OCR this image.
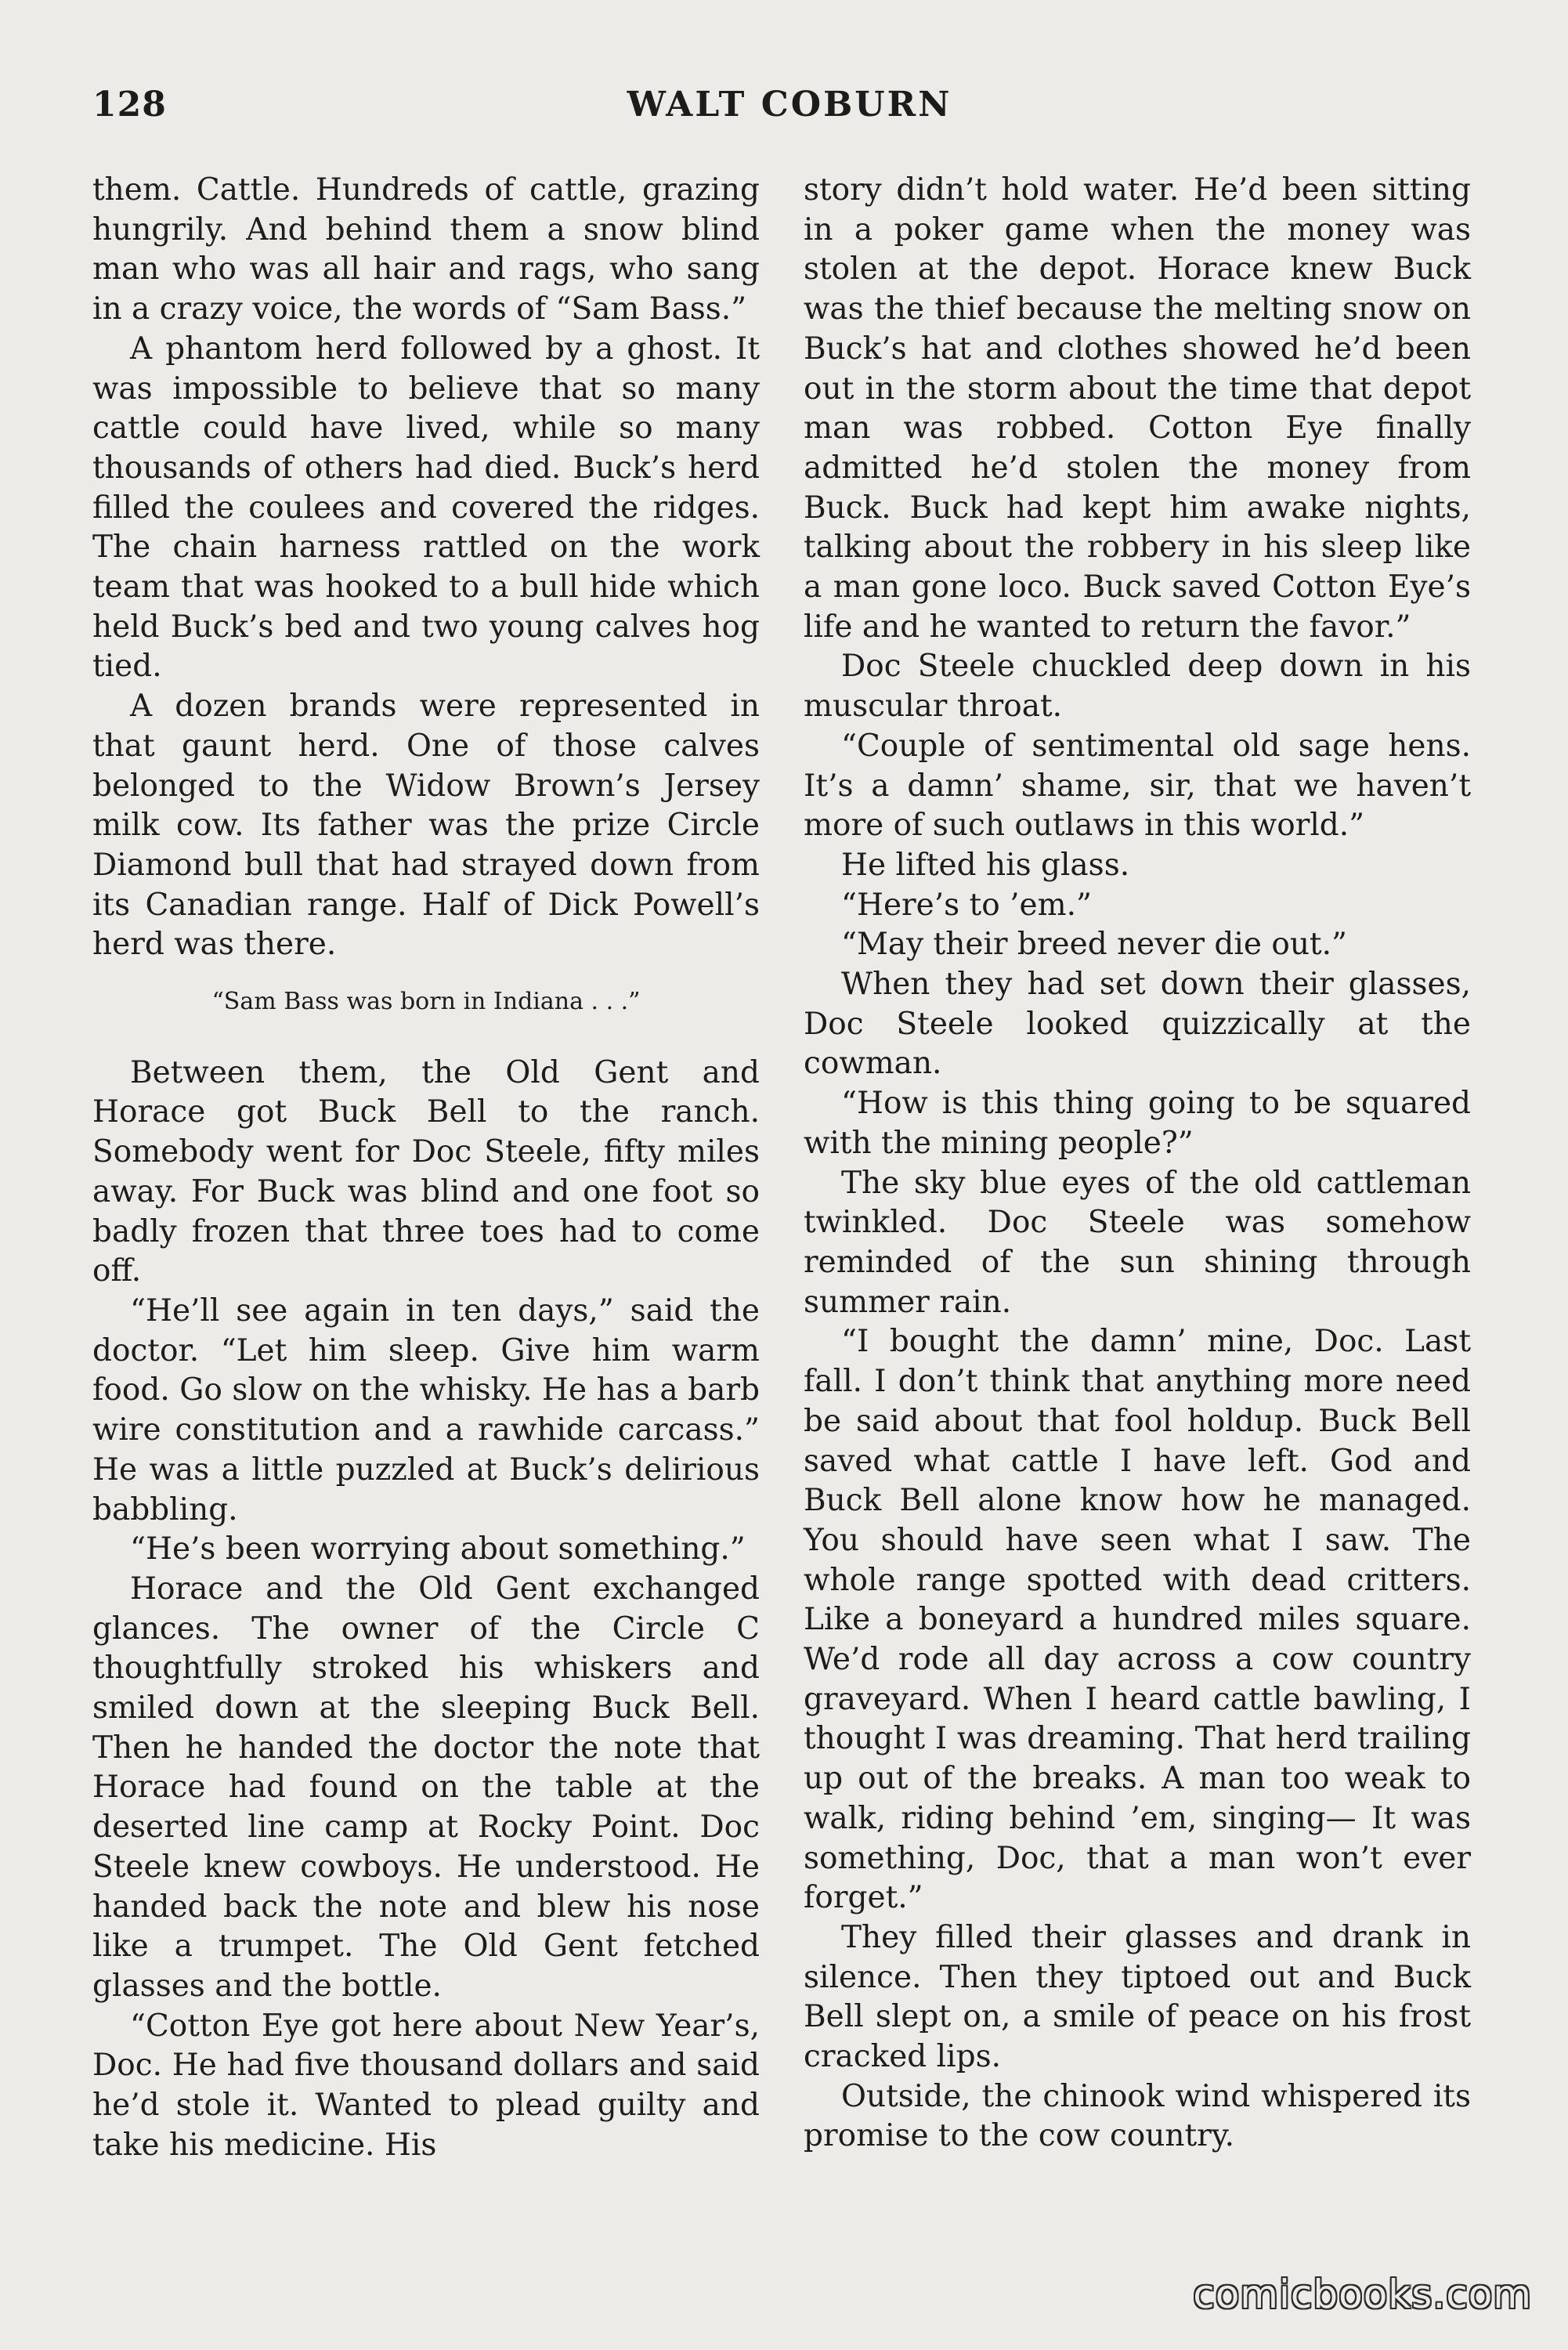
128	WALT COBURN

them. Cattle. Hundreds of cattle, grazing hungrily. And behind them a snow blind man who was all hair and rags, who sang in a crazy voice, the words of “Sam Bass.”

A phantom herd followed by a ghost. It was impossible to believe that so many cattle could have lived, while so many thousands of others had died. Buck’s herd filled the coulees and covered the ridges. The chain harness rattled on the work team that was hooked to a bull hide which held Buck’s bed and two young calves hog tied.

A dozen brands were represented in that gaunt herd. One of those calves belonged to the Widow Brown’s Jersey milk cow. Its father was the prize Circle Diamond bull that had strayed down from its Canadian range. Half of Dick Powell’s herd was there.

“Sam Bass was born in Indiana . . .”

Between them, the Old Gent and Horace got Buck Bell to the ranch. Somebody went for Doc Steele, fifty miles away. For Buck was blind and one foot so badly frozen that three toes had to come off.

“He’ll see again in ten days,” said the doctor. “Let him sleep. Give him warm food. Go slow on the whisky. He has a barb wire constitution and a rawhide carcass.” He was a little puzzled at Buck’s delirious babbling.

“He’s been worrying about something.”

Horace and the Old Gent exchanged glances. The owner of the Circle C thoughtfully stroked his whiskers and smiled down at the sleeping Buck Bell. Then he handed the doctor the note that Horace had found on the table at the deserted line camp at Rocky Point. Doc Steele knew cowboys. He understood. He handed back the note and blew his nose like a trumpet. The Old Gent fetched glasses and the bottle.

“Cotton Eye got here about New Year’s, Doc. He had five thousand dollars and said he’d stole it. Wanted to plead guilty and take his medicine. His

story didn’t hold water. He’d been sitting in a poker game when the money was stolen at the depot. Horace knew Buck was the thief because the melting snow on Buck’s hat and clothes showed he’d been out in the storm about the time that depot man was robbed. Cotton Eye finally admitted he’d stolen the money from Buck. Buck had kept him awake nights, talking about the robbery in his sleep like a man gone loco. Buck saved Cotton Eye’s life and he wanted to return the favor.”

Doc Steele chuckled deep down in his muscular throat.

“Couple of sentimental old sage hens. It’s a damn’ shame, sir, that we haven’t more of such outlaws in this world.”

He lifted his glass.

“Here’s to ’em.”

“May their breed never die out.”

When they had set down their glasses, Doc Steele looked quizzically at the cowman.

“How is this thing going to be squared with the mining people?”

The sky blue eyes of the old cattleman twinkled. Doc Steele was somehow reminded of the sun shining through summer rain.

“I bought the damn’ mine, Doc. Last fall. I don’t think that anything more need be said about that fool holdup. Buck Bell saved what cattle I have left. God and Buck Bell alone know how he managed. You should have seen what I saw. The whole range spotted with dead critters. Like a boneyard a hundred miles square. We’d rode all day across a cow country graveyard. When I heard cattle bawling, I thought I was dreaming. That herd trailing up out of the breaks. A man too weak to walk, riding behind ’em, singing— It was something, Doc, that a man won’t ever forget.”

They filled their glasses and drank in silence. Then they tiptoed out and Buck Bell slept on, a smile of peace on his frost cracked lips.

Outside, the chinook wind whispered its promise to the cow country.

comicbooks.com
